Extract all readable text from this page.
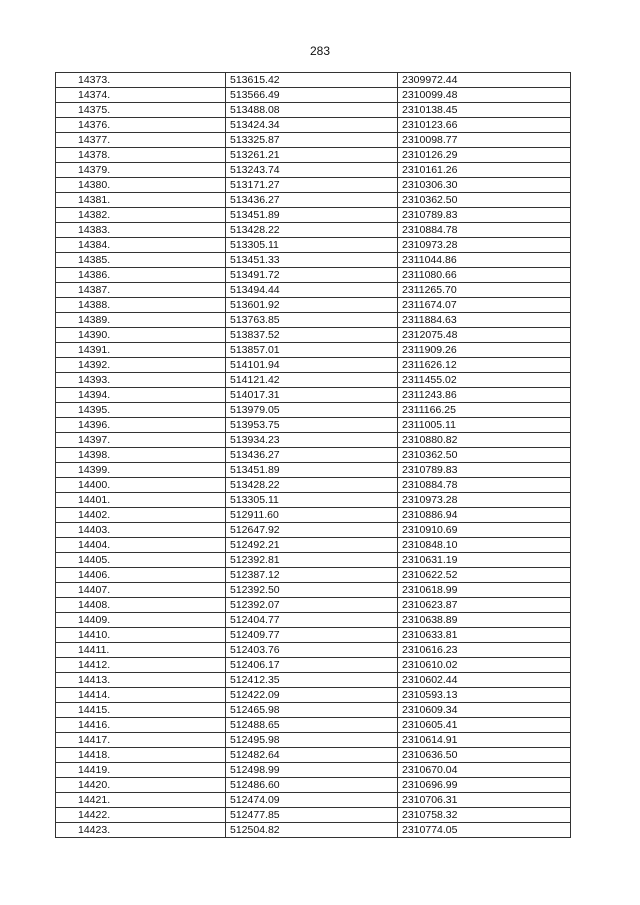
283
14373.	513615.42	2309972.44
14374.	513566.49	2310099.48
14375.	513488.08	2310138.45
14376.	513424.34	2310123.66
14377.	513325.87	2310098.77
14378.	513261.21	2310126.29
14379.	513243.74	2310161.26
14380.	513171.27	2310306.30
14381.	513436.27	2310362.50
14382.	513451.89	2310789.83
14383.	513428.22	2310884.78
14384.	513305.11	2310973.28
14385.	513451.33	2311044.86
14386.	513491.72	2311080.66
14387.	513494.44	2311265.70
14388.	513601.92	2311674.07
14389.	513763.85	2311884.63
14390.	513837.52	2312075.48
14391.	513857.01	2311909.26
14392.	514101.94	2311626.12
14393.	514121.42	2311455.02
14394.	514017.31	2311243.86
14395.	513979.05	2311166.25
14396.	513953.75	2311005.11
14397.	513934.23	2310880.82
14398.	513436.27	2310362.50
14399.	513451.89	2310789.83
14400.	513428.22	2310884.78
14401.	513305.11	2310973.28
14402.	512911.60	2310886.94
14403.	512647.92	2310910.69
14404.	512492.21	2310848.10
14405.	512392.81	2310631.19
14406.	512387.12	2310622.52
14407.	512392.50	2310618.99
14408.	512392.07	2310623.87
14409.	512404.77	2310638.89
14410.	512409.77	2310633.81
14411.	512403.76	2310616.23
14412.	512406.17	2310610.02
14413.	512412.35	2310602.44
14414.	512422.09	2310593.13
14415.	512465.98	2310609.34
14416.	512488.65	2310605.41
14417.	512495.98	2310614.91
14418.	512482.64	2310636.50
14419.	512498.99	2310670.04
14420.	512486.60	2310696.99
14421.	512474.09	2310706.31
14422.	512477.85	2310758.32
14423.	512504.82	2310774.05
